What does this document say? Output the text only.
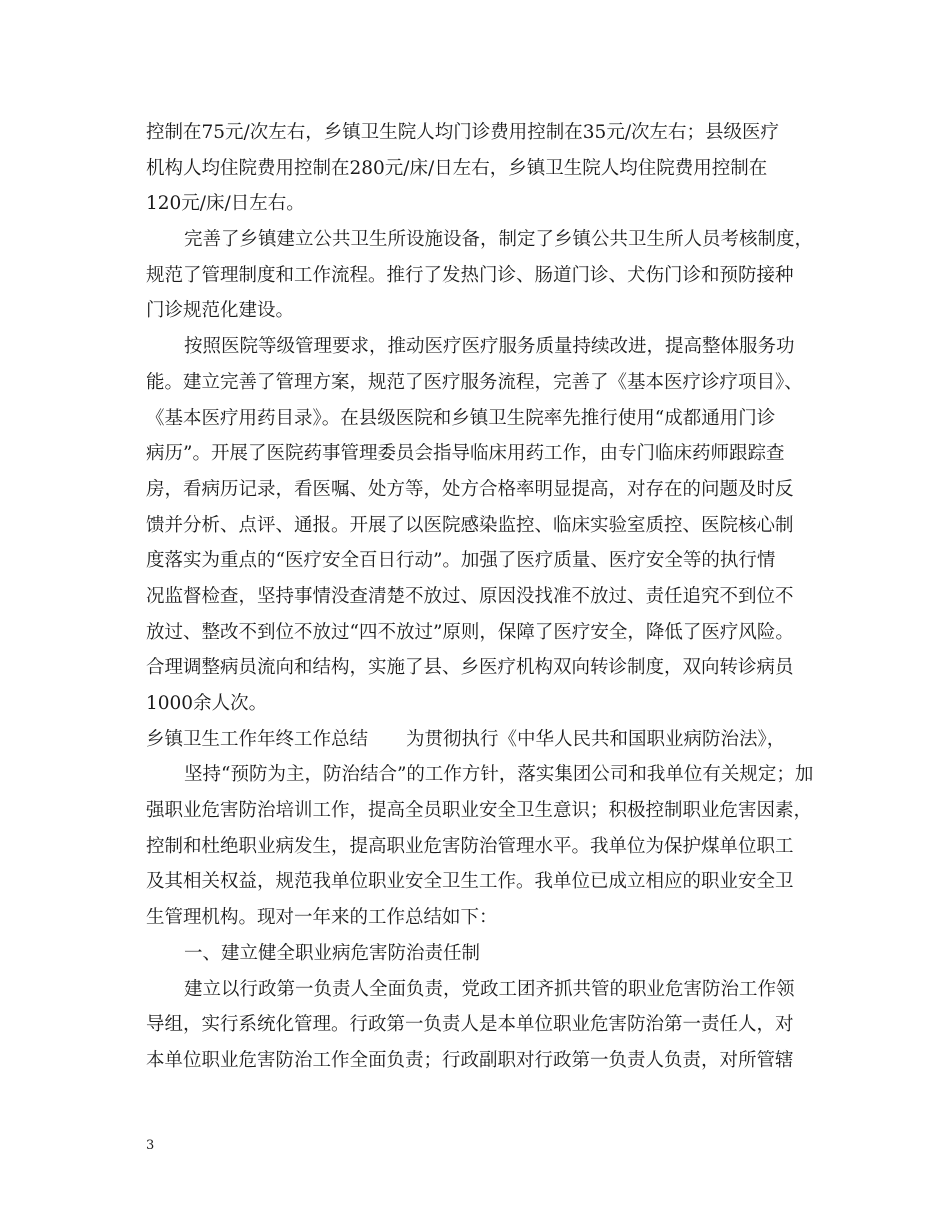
控制在75元/次左右，乡镇卫生院人均门诊费用控制在35元/次左右；县级医疗
机构人均住院费用控制在280元/床/日左右，乡镇卫生院人均住院费用控制在
120元/床/日左右。
完善了乡镇建立公共卫生所设施设备，制定了乡镇公共卫生所人员考核制度，
规范了管理制度和工作流程。推行了发热门诊、肠道门诊、犬伤门诊和预防接种
门诊规范化建设。
按照医院等级管理要求，推动医疗医疗服务质量持续改进，提高整体服务功
能。建立完善了管理方案，规范了医疗服务流程，完善了《基本医疗诊疗项目》、
《基本医疗用药目录》。在县级医院和乡镇卫生院率先推行使用“成都通用门诊
病历”。开展了医院药事管理委员会指导临床用药工作，由专门临床药师跟踪查
房，看病历记录，看医嘱、处方等，处方合格率明显提高，对存在的问题及时反
馈并分析、点评、通报。开展了以医院感染监控、临床实验室质控、医院核心制
度落实为重点的“医疗安全百日行动”。加强了医疗质量、医疗安全等的执行情
况监督检查，坚持事情没查清楚不放过、原因没找准不放过、责任追究不到位不
放过、整改不到位不放过“四不放过”原则，保障了医疗安全，降低了医疗风险。
合理调整病员流向和结构，实施了县、乡医疗机构双向转诊制度，双向转诊病员
1000余人次。
乡镇卫生工作年终工作总结 为贯彻执行《中华人民共和国职业病防治法》，
坚持“预防为主，防治结合”的工作方针，落实集团公司和我单位有关规定；加
强职业危害防治培训工作，提高全员职业安全卫生意识；积极控制职业危害因素，
控制和杜绝职业病发生，提高职业危害防治管理水平。我单位为保护煤单位职工
及其相关权益，规范我单位职业安全卫生工作。我单位已成立相应的职业安全卫
生管理机构。现对一年来的工作总结如下：
一、建立健全职业病危害防治责任制
建立以行政第一负责人全面负责，党政工团齐抓共管的职业危害防治工作领
导组，实行系统化管理。行政第一负责人是本单位职业危害防治第一责任人，对
本单位职业危害防治工作全面负责；行政副职对行政第一负责人负责，对所管辖
3
